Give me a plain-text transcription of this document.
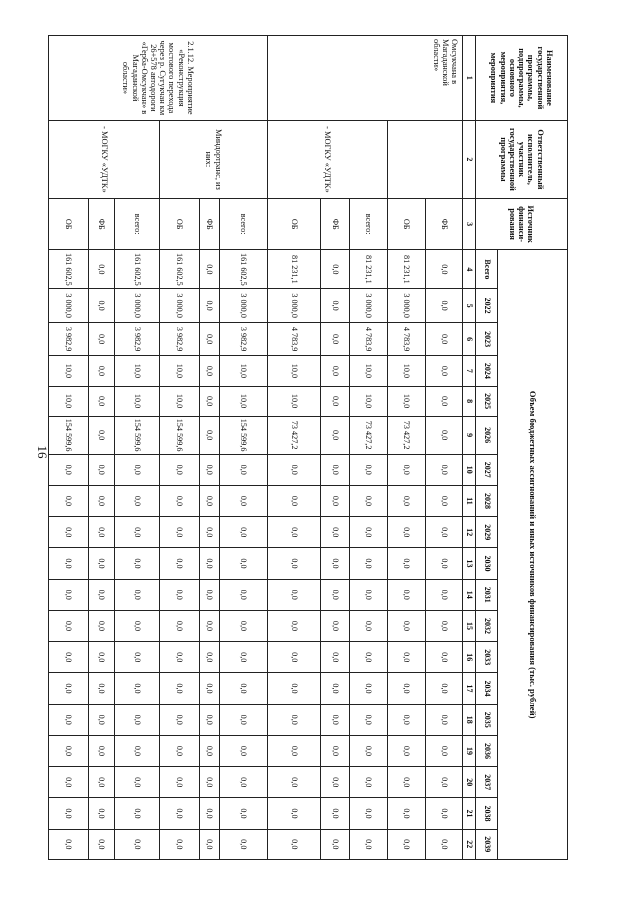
16
Наименование государственной программы, подпрограммы, основного мероприятия, мероприятия	Ответственный исполнитель, участник государственной программы	Источник финанси-рования	Объем бюджетных ассигнований и иных источников финансирования (тыс. рублей)																		
			Всего	2022	2023	2024	2025	2026	2027	2028	2029	2030	2031	2032	2033	2034	2035	2036	2037	2038	2039
1	2	3	4	5	6	7	8	9	10	11	12	13	14	15	16	17	18	19	20	21	22
Омсукчана в Магаданской области»		ФБ	0,0	0,0	0,0	0,0	0,0	0,0	0,0	0,0	0,0	0,0	0,0	0,0	0,0	0,0	0,0	0,0	0,0	0,0	0,0
		ОБ	81 231,1	3 000,0	4 783,9	10,0	10,0	73 427,2	0,0	0,0	0,0	0,0	0,0	0,0	0,0	0,0	0,0	0,0	0,0	0,0	0,0
	- МОГКУ «УДТК»	всего:	81 231,1	3 000,0	4 783,9	10,0	10,0	73 427,2	0,0	0,0	0,0	0,0	0,0	0,0	0,0	0,0	0,0	0,0	0,0	0,0	0,0
		ФБ	0,0	0,0	0,0	0,0	0,0	0,0	0,0	0,0	0,0	0,0	0,0	0,0	0,0	0,0	0,0	0,0	0,0	0,0	0,0
		ОБ	81 231,1	3 000,0	4 783,9	10,0	10,0	73 427,2	0,0	0,0	0,0	0,0	0,0	0,0	0,0	0,0	0,0	0,0	0,0	0,0	0,0
2.1.12. Мероприятие «Реконструкция мостового перехода через р. Сугукчан км 26+578 автодороги «Герба-Омсукчан» в Магаданской области»	Миндортранс, из них:	всего:	161 602,5	3 000,0	3 982,9	10,0	10,0	154 599,6	0,0	0,0	0,0	0,0	0,0	0,0	0,0	0,0	0,0	0,0	0,0	0,0	0,0
		ФБ	0,0	0,0	0,0	0,0	0,0	0,0	0,0	0,0	0,0	0,0	0,0	0,0	0,0	0,0	0,0	0,0	0,0	0,0	0,0
		ОБ	161 602,5	3 000,0	3 982,9	10,0	10,0	154 599,6	0,0	0,0	0,0	0,0	0,0	0,0	0,0	0,0	0,0	0,0	0,0	0,0	0,0
	- МОГКУ «УДТК»	всего:	161 602,5	3 000,0	3 982,9	10,0	10,0	154 599,6	0,0	0,0	0,0	0,0	0,0	0,0	0,0	0,0	0,0	0,0	0,0	0,0	0,0
		ФБ	0,0	0,0	0,0	0,0	0,0	0,0	0,0	0,0	0,0	0,0	0,0	0,0	0,0	0,0	0,0	0,0	0,0	0,0	0,0
		ОБ	161 602,5	3 000,0	3 982,9	10,0	10,0	154 599,6	0,0	0,0	0,0	0,0	0,0	0,0	0,0	0,0	0,0	0,0	0,0	0,0	0,0
